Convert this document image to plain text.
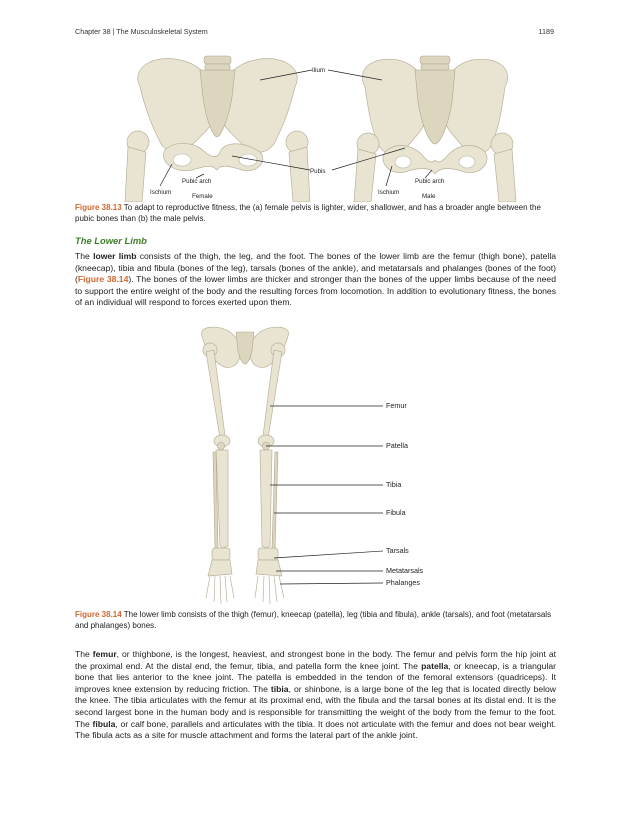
Chapter 38 | The Musculoskeletal System	1189
Ilium
Pubis
Pubic arch	Pubic arch
Ischium	Ischium
Female	Male
Figure 38.13 To adapt to reproductive fitness, the (a) female pelvis is lighter, wider, shallower, and has a broader angle between the pubic bones than (b) the male pelvis.
The Lower Limb
The lower limb consists of the thigh, the leg, and the foot. The bones of the lower limb are the femur (thigh bone), patella (kneecap), tibia and fibula (bones of the leg), tarsals (bones of the ankle), and metatarsals and phalanges (bones of the foot) (Figure 38.14). The bones of the lower limbs are thicker and stronger than the bones of the upper limbs because of the need to support the entire weight of the body and the resulting forces from locomotion. In addition to evolutionary fitness, the bones of an individual will respond to forces exerted upon them.
Femur
Patella
Tibia
Fibula
Tarsals
Metatarsals
Phalanges
Figure 38.14 The lower limb consists of the thigh (femur), kneecap (patella), leg (tibia and fibula), ankle (tarsals), and foot (metatarsals and phalanges) bones.
The femur, or thighbone, is the longest, heaviest, and strongest bone in the body. The femur and pelvis form the hip joint at the proximal end. At the distal end, the femur, tibia, and patella form the knee joint. The patella, or kneecap, is a triangular bone that lies anterior to the knee joint. The patella is embedded in the tendon of the femoral extensors (quadriceps). It improves knee extension by reducing friction. The tibia, or shinbone, is a large bone of the leg that is located directly below the knee. The tibia articulates with the femur at its proximal end, with the fibula and the tarsal bones at its distal end. It is the second largest bone in the human body and is responsible for transmitting the weight of the body from the femur to the foot. The fibula, or calf bone, parallels and articulates with the tibia. It does not articulate with the femur and does not bear weight. The fibula acts as a site for muscle attachment and forms the lateral part of the ankle joint.
